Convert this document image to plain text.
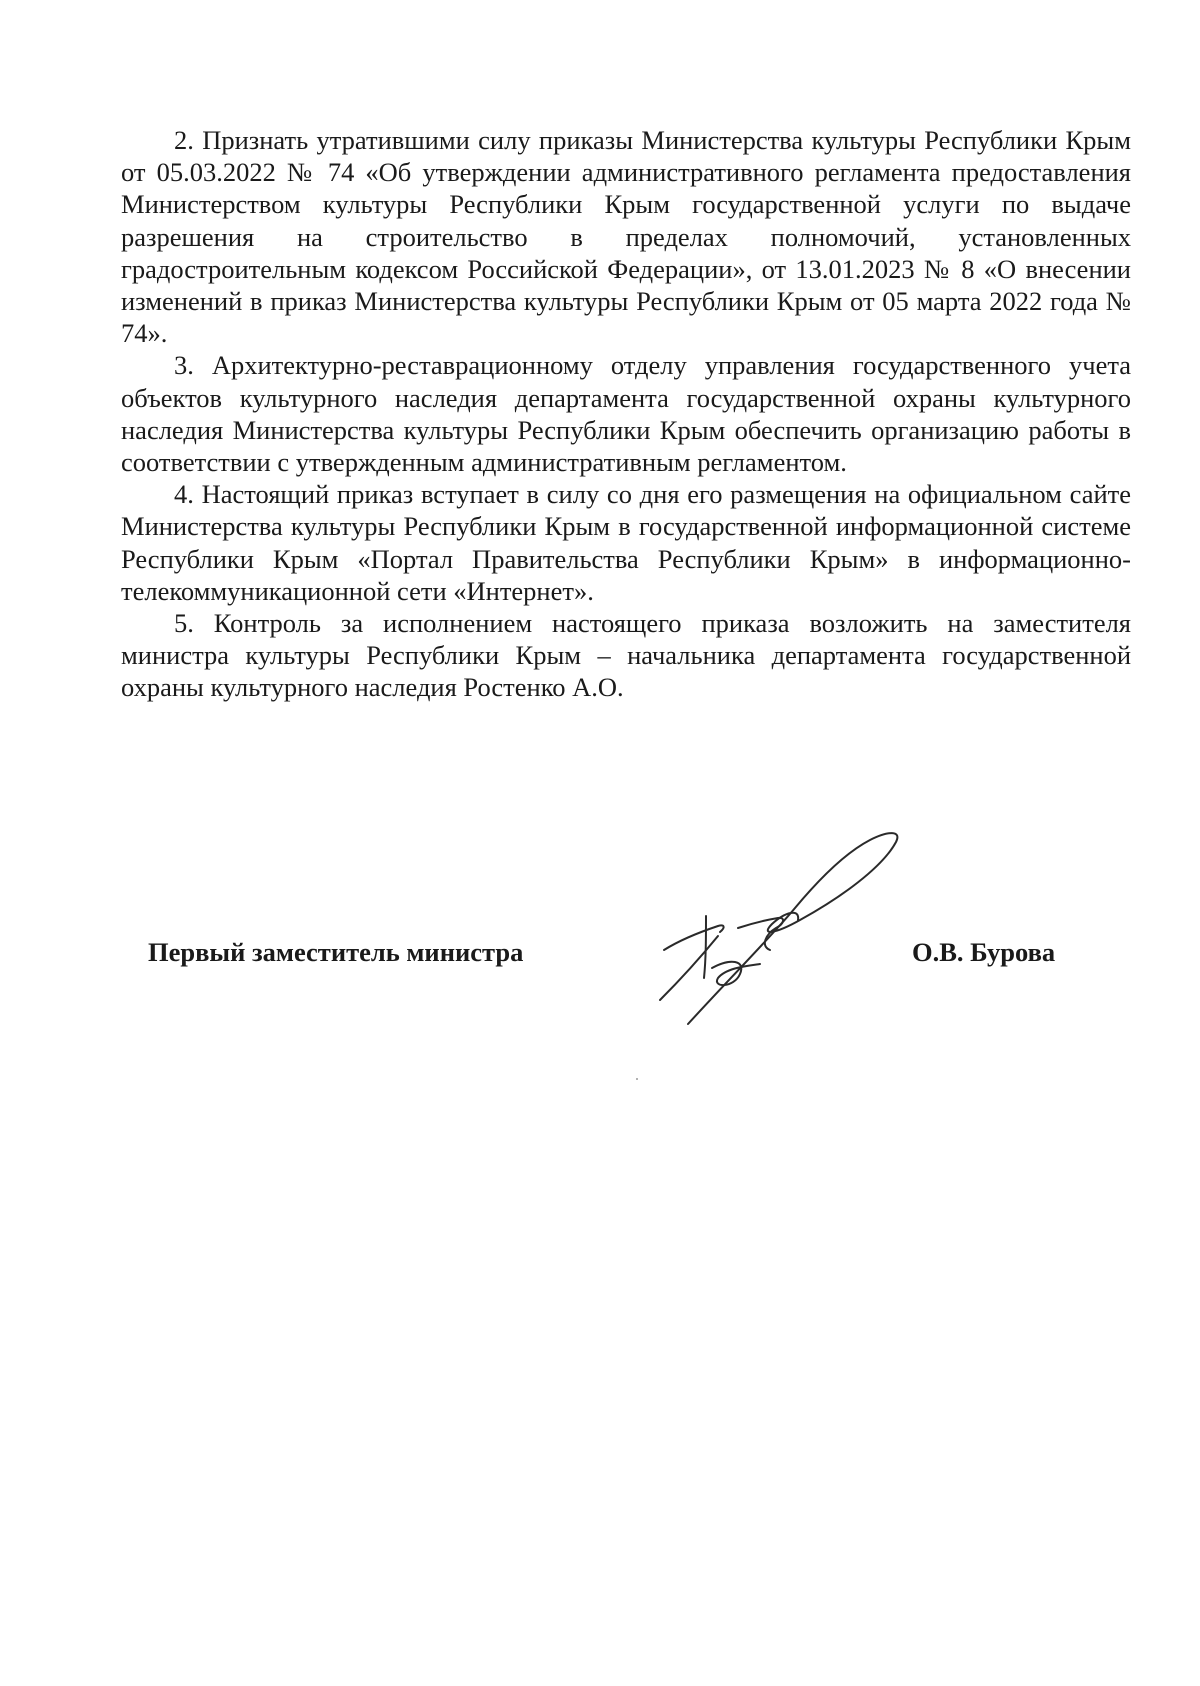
2. Признать утратившими силу приказы Министерства культуры Республики Крым от 05.03.2022 № 74 «Об утверждении административного регламента предоставления Министерством культуры Республики Крым государственной услуги по выдаче разрешения на строительство в пределах полномочий, установленных градостроительным кодексом Российской Федерации», от 13.01.2023 № 8 «О внесении изменений в приказ Министерства культуры Республики Крым от 05 марта 2022 года № 74».

3. Архитектурно-реставрационному отделу управления государственного учета объектов культурного наследия департамента государственной охраны культурного наследия Министерства культуры Республики Крым обеспечить организацию работы в соответствии с утвержденным административным регламентом.

4. Настоящий приказ вступает в силу со дня его размещения на официальном сайте Министерства культуры Республики Крым в государственной информационной системе Республики Крым «Портал Правительства Республики Крым» в информационно-телекоммуникационной сети «Интернет».

5. Контроль за исполнением настоящего приказа возложить на заместителя министра культуры Республики Крым – начальника департамента государственной охраны культурного наследия Ростенко А.О.

Первый заместитель министра	О.В. Бурова
